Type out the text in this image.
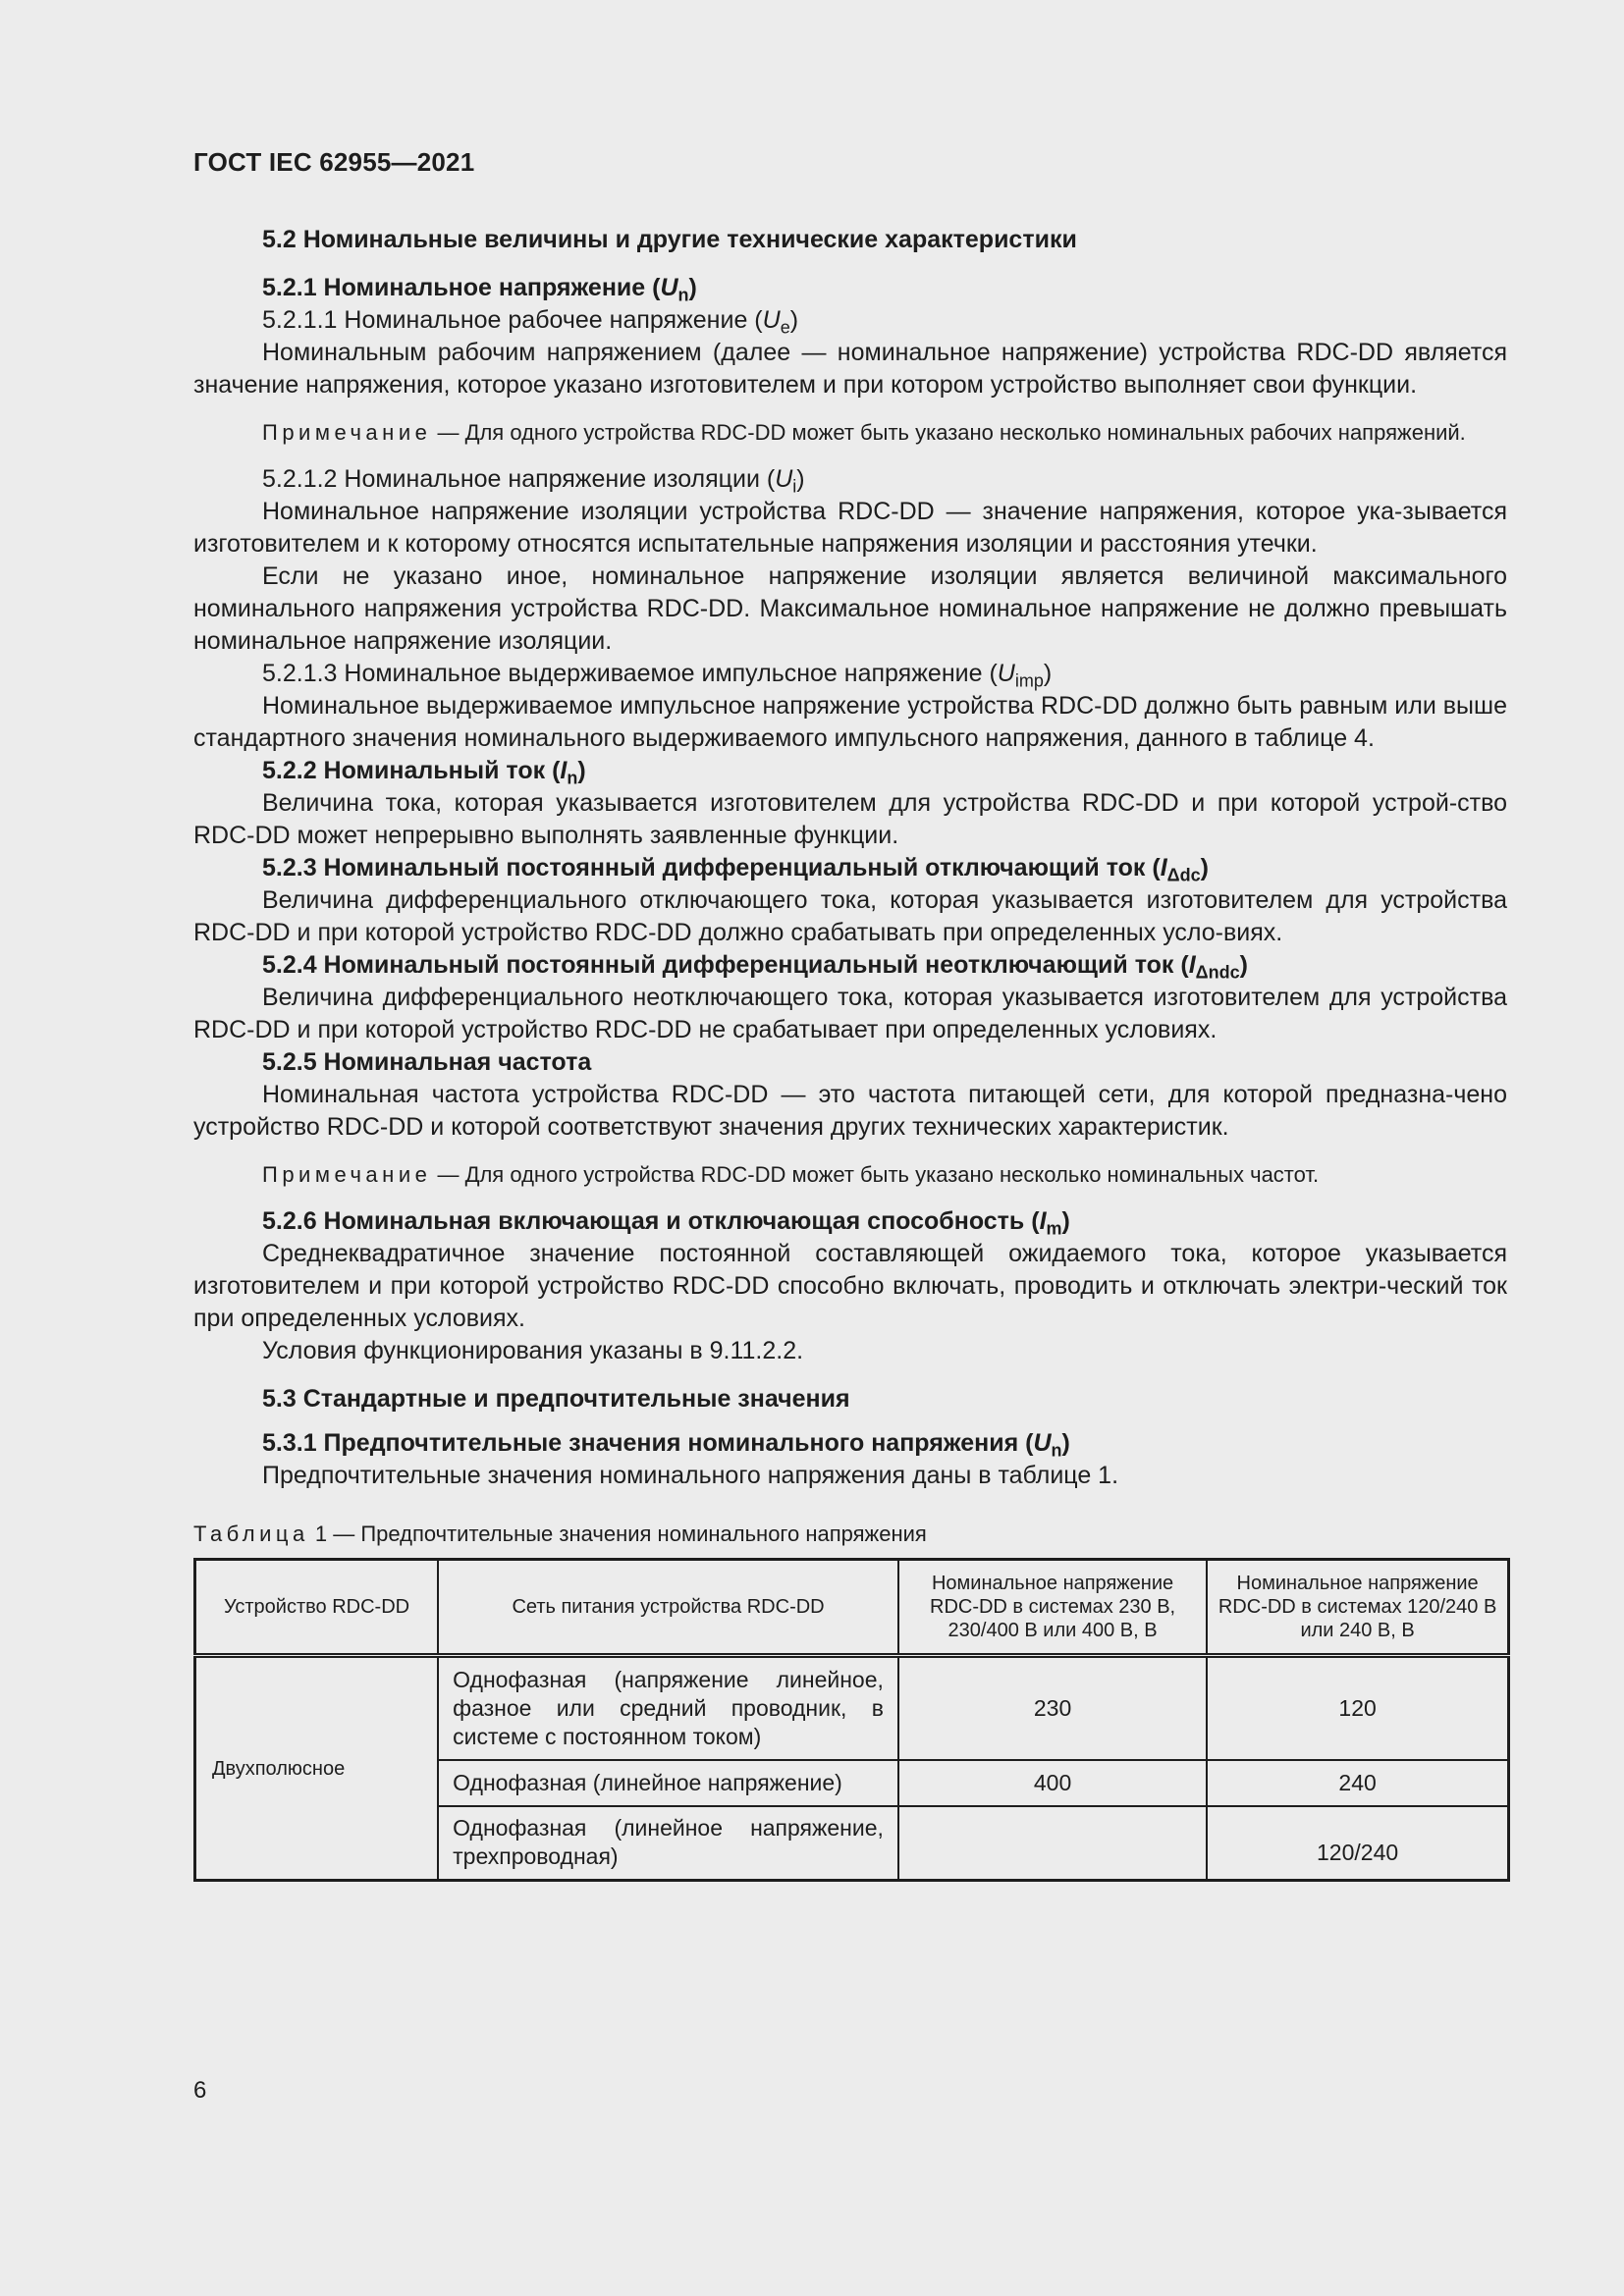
ГОСТ IEC 62955—2021

5.2 Номинальные величины и другие технические характеристики

5.2.1 Номинальное напряжение $(U_n)$

5.2.1.1 Номинальное рабочее напряжение $(U_e)$

Номинальным рабочим напряжением (далее — номинальное напряжение) устройства RDC-DD является значение напряжения, которое указано изготовителем и при котором устройство выполняет свои функции.

Примечание — Для одного устройства RDC-DD может быть указано несколько номинальных рабочих напряжений.

5.2.1.2 Номинальное напряжение изоляции $(U_i)$

Номинальное напряжение изоляции устройства RDC-DD — значение напряжения, которое ука-зывается изготовителем и к которому относятся испытательные напряжения изоляции и расстояния утечки.

Если не указано иное, номинальное напряжение изоляции является величиной максимального номинального напряжения устройства RDC-DD. Максимальное номинальное напряжение не должно превышать номинальное напряжение изоляции.

5.2.1.3 Номинальное выдерживаемое импульсное напряжение $(U_{imp})$

Номинальное выдерживаемое импульсное напряжение устройства RDC-DD должно быть равным или выше стандартного значения номинального выдерживаемого импульсного напряжения, данного в таблице 4.

5.2.2 Номинальный ток $(I_n)$

Величина тока, которая указывается изготовителем для устройства RDC-DD и при которой устрой-ство RDC-DD может непрерывно выполнять заявленные функции.

5.2.3 Номинальный постоянный дифференциальный отключающий ток $(I_{\Delta dc})$

Величина дифференциального отключающего тока, которая указывается изготовителем для устройства RDC-DD и при которой устройство RDC-DD должно срабатывать при определенных усло-виях.

5.2.4 Номинальный постоянный дифференциальный неотключающий ток $(I_{\Delta ndc})$

Величина дифференциального неотключающего тока, которая указывается изготовителем для устройства RDC-DD и при которой устройство RDC-DD не срабатывает при определенных условиях.

5.2.5 Номинальная частота

Номинальная частота устройства RDC-DD — это частота питающей сети, для которой предназна-чено устройство RDC-DD и которой соответствуют значения других технических характеристик.

Примечание — Для одного устройства RDC-DD может быть указано несколько номинальных частот.

5.2.6 Номинальная включающая и отключающая способность $(I_m)$

Среднеквадратичное значение постоянной составляющей ожидаемого тока, которое указывается изготовителем и при которой устройство RDC-DD способно включать, проводить и отключать электри-ческий ток при определенных условиях.

Условия функционирования указаны в 9.11.2.2.

5.3 Стандартные и предпочтительные значения

5.3.1 Предпочтительные значения номинального напряжения $(U_n)$

Предпочтительные значения номинального напряжения даны в таблице 1.

Таблица 1 — Предпочтительные значения номинального напряжения

Устройство RDC-DD	Сеть питания устройства RDC-DD	Номинальное напряжение RDC-DD в системах 230 В, 230/400 В или 400 В, В	Номинальное напряжение RDC-DD в системах 120/240 В или 240 В, В
Двухполюсное	Однофазная (напряжение линейное, фазное или средний проводник, в системе с постоянном током)	230	120
	Однофазная (линейное напряжение)	400	240
	Однофазная (линейное напряжение, трехпроводная)		120/240
6
